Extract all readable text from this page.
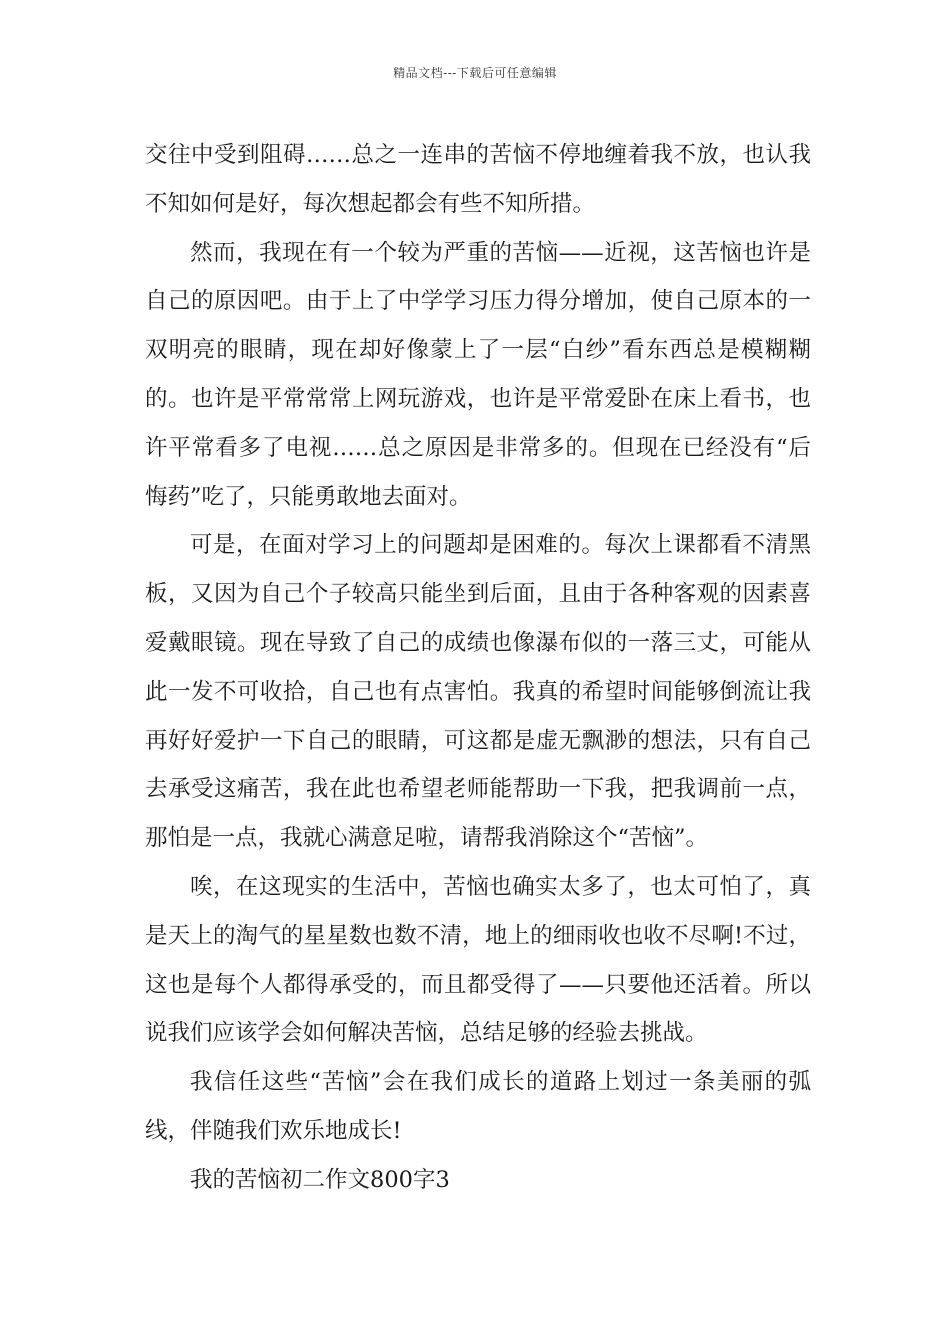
精品文档---下载后可任意编辑
交往中受到阻碍……总之一连串的苦恼不停地缠着我不放，也认我
不知如何是好，每次想起都会有些不知所措。
然而，我现在有一个较为严重的苦恼——近视，这苦恼也许是
自己的原因吧。由于上了中学学习压力得分增加，使自己原本的一
双明亮的眼睛，现在却好像蒙上了一层“白纱”看东西总是模糊糊
的。也许是平常常常上网玩游戏，也许是平常爱卧在床上看书，也
许平常看多了电视……总之原因是非常多的。但现在已经没有“后
悔药”吃了，只能勇敢地去面对。
可是，在面对学习上的问题却是困难的。每次上课都看不清黑
板，又因为自己个子较高只能坐到后面，且由于各种客观的因素喜
爱戴眼镜。现在导致了自己的成绩也像瀑布似的一落三丈，可能从
此一发不可收拾，自己也有点害怕。我真的希望时间能够倒流让我
再好好爱护一下自己的眼睛，可这都是虚无飘渺的想法，只有自己
去承受这痛苦，我在此也希望老师能帮助一下我，把我调前一点，
那怕是一点，我就心满意足啦，请帮我消除这个“苦恼”。
唉，在这现实的生活中，苦恼也确实太多了，也太可怕了，真
是天上的淘气的星星数也数不清，地上的细雨收也收不尽啊!不过，
这也是每个人都得承受的，而且都受得了——只要他还活着。所以
说我们应该学会如何解决苦恼，总结足够的经验去挑战。
我信任这些“苦恼”会在我们成长的道路上划过一条美丽的弧
线，伴随我们欢乐地成长!
我的苦恼初二作文800字3
